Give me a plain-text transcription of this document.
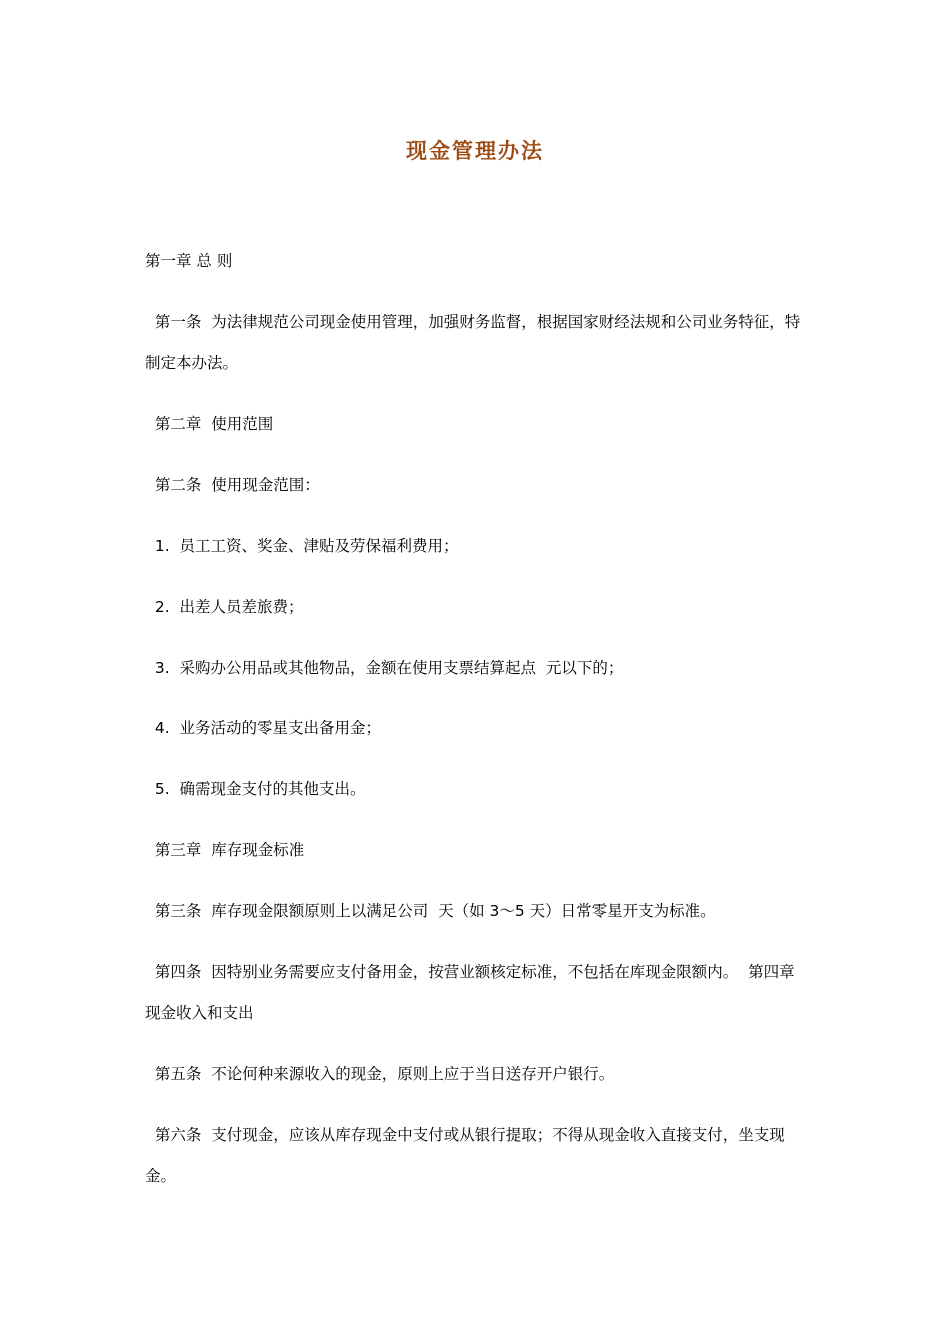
现金管理办法

第一章 总 则

第一条  为法律规范公司现金使用管理，加强财务监督，根据国家财经法规和公司业务特征，特制定本办法。

第二章  使用范围

第二条  使用现金范围：

1.  员工工资、奖金、津贴及劳保福利费用；

2.  出差人员差旅费；

3.  采购办公用品或其他物品，金额在使用支票结算起点  元以下的；

4.  业务活动的零星支出备用金；

5.  确需现金支付的其他支出。

第三章  库存现金标准

第三条  库存现金限额原则上以满足公司  天（如 3～5 天）日常零星开支为标准。

第四条  因特别业务需要应支付备用金，按营业额核定标准，不包括在库现金限额内。  第四章  现金收入和支出

第五条  不论何种来源收入的现金，原则上应于当日送存开户银行。

第六条  支付现金，应该从库存现金中支付或从银行提取；不得从现金收入直接支付，坐支现金。
